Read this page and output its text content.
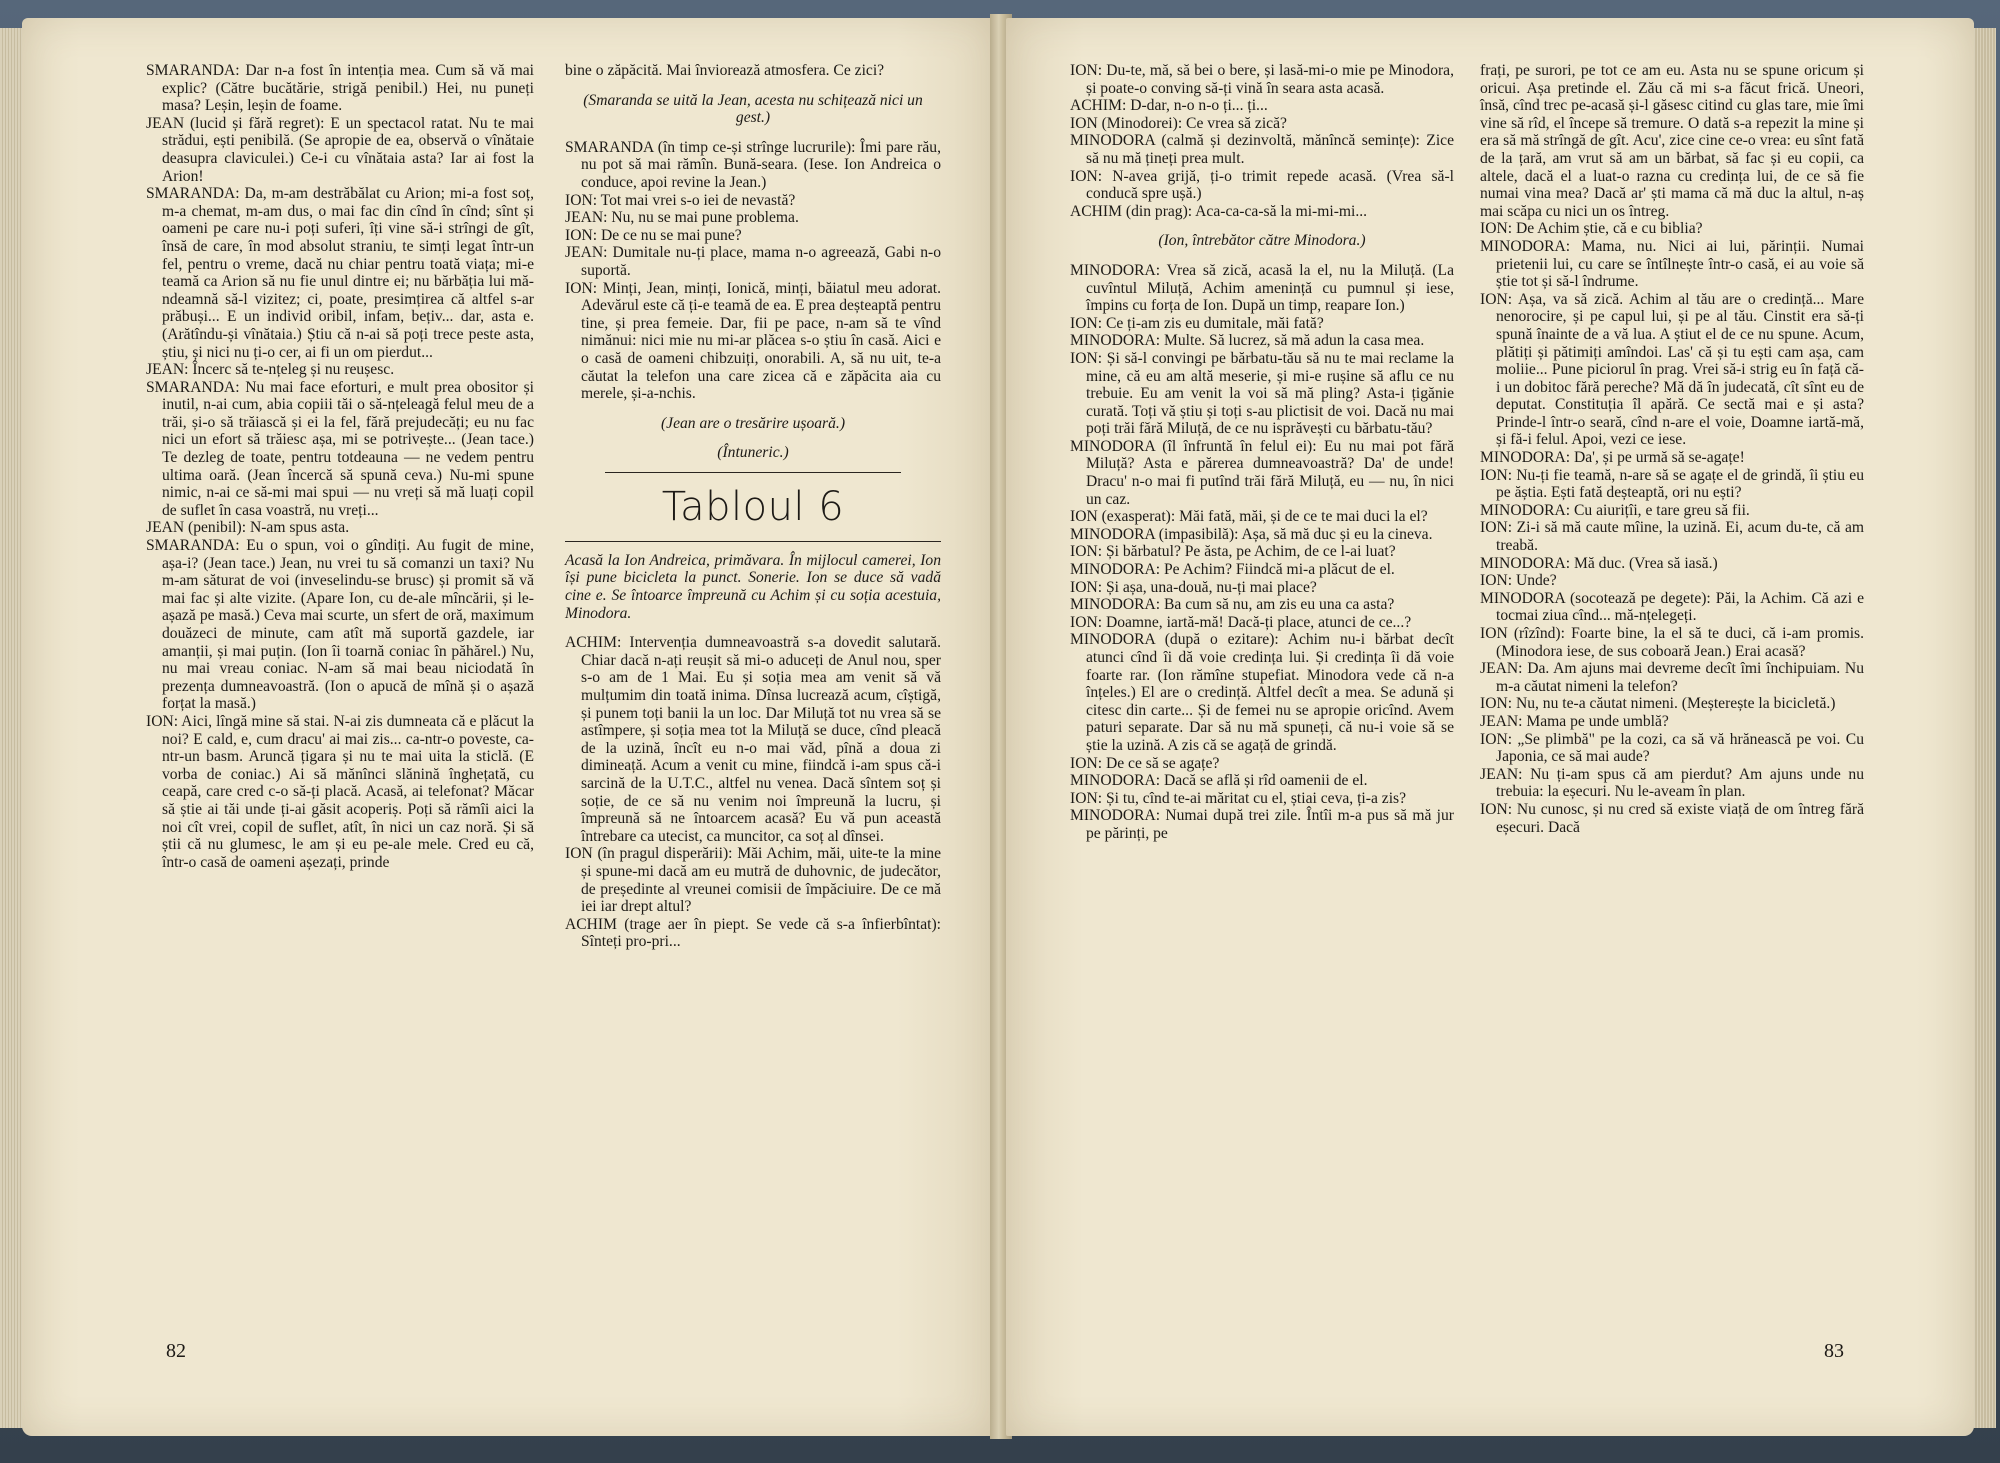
SMARANDA: Dar n-a fost în intenția mea. Cum să vă mai explic? (Către bucătărie, strigă penibil.) Hei, nu puneți masa? Leșin, leșin de foame.

JEAN (lucid și fără regret): E un spectacol ratat. Nu te mai strădui, ești penibilă. (Se apropie de ea, observă o vînătaie deasupra claviculei.) Ce-i cu vînătaia asta? Iar ai fost la Arion!

SMARANDA: Da, m-am destrăbălat cu Arion; mi-a fost soț, m-a chemat, m-am dus, o mai fac din cînd în cînd; sînt și oameni pe care nu-i poți suferi, îți vine să-i strîngi de gît, însă de care, în mod absolut straniu, te simți legat într-un fel, pentru o vreme, dacă nu chiar pentru toată viața; mi-e teamă ca Arion să nu fie unul dintre ei; nu bărbăția lui mă-ndeamnă să-l vizitez; ci, poate, presimțirea că altfel s-ar prăbuși... E un individ oribil, infam, bețiv... dar, asta e. (Arătîndu-și vînătaia.) Știu că n-ai să poți trece peste asta, știu, și nici nu ți-o cer, ai fi un om pierdut...

JEAN: Încerc să te-nțeleg și nu reușesc.

SMARANDA: Nu mai face eforturi, e mult prea obositor și inutil, n-ai cum, abia copiii tăi o să-nțeleagă felul meu de a trăi, și-o să trăiască și ei la fel, fără prejudecăți; eu nu fac nici un efort să trăiesc așa, mi se potrivește... (Jean tace.) Te dezleg de toate, pentru totdeauna — ne vedem pentru ultima oară. (Jean încercă să spună ceva.) Nu-mi spune nimic, n-ai ce să-mi mai spui — nu vreți să mă luați copil de suflet în casa voastră, nu vreți...

JEAN (penibil): N-am spus asta.

SMARANDA: Eu o spun, voi o gîndiți. Au fugit de mine, așa-i? (Jean tace.) Jean, nu vrei tu să comanzi un taxi? Nu m-am săturat de voi (inveselindu-se brusc) și promit să vă mai fac și alte vizite. (Apare Ion, cu de-ale mîncării, și le-așază pe masă.) Ceva mai scurte, un sfert de oră, maximum douăzeci de minute, cam atît mă suportă gazdele, iar amanții, și mai puțin. (Ion îi toarnă coniac în păhărel.) Nu, nu mai vreau coniac. N-am să mai beau niciodată în prezența dumneavoastră. (Ion o apucă de mînă și o așază forțat la masă.)

ION: Aici, lîngă mine să stai. N-ai zis dumneata că e plăcut la noi? E cald, e, cum dracu' ai mai zis... ca-ntr-o poveste, ca-ntr-un basm. Aruncă țigara și nu te mai uita la sticlă. (E vorba de coniac.) Ai să mănînci slănină înghețată, cu ceapă, care cred c-o să-ți placă. Acasă, ai telefonat? Măcar să știe ai tăi unde ți-ai găsit acoperiș. Poți să rămîi aici la noi cît vrei, copil de suflet, atît, în nici un caz noră. Și să știi că nu glumesc, le am și eu pe-ale mele. Cred eu că, într-o casă de oameni așezați, prinde

bine o zăpăcită. Mai înviorează atmosfera. Ce zici?

(Smaranda se uită la Jean, acesta nu schițează nici un gest.)

SMARANDA (în timp ce-și strînge lucrurile): Îmi pare rău, nu pot să mai rămîn. Bună-seara. (Iese. Ion Andreica o conduce, apoi revine la Jean.)

ION: Tot mai vrei s-o iei de nevastă?

JEAN: Nu, nu se mai pune problema.

ION: De ce nu se mai pune?

JEAN: Dumitale nu-ți place, mama n-o agreează, Gabi n-o suportă.

ION: Minți, Jean, minți, Ionică, minți, băiatul meu adorat. Adevărul este că ți-e teamă de ea. E prea deșteaptă pentru tine, și prea femeie. Dar, fii pe pace, n-am să te vînd nimănui: nici mie nu mi-ar plăcea s-o știu în casă. Aici e o casă de oameni chibzuiți, onorabili. A, să nu uit, te-a căutat la telefon una care zicea că e zăpăcita aia cu merele, și-a-nchis.

(Jean are o tresărire ușoară.)

(Întuneric.)

Tabloul 6

Acasă la Ion Andreica, primăvara. În mijlocul camerei, Ion își pune bicicleta la punct. Sonerie. Ion se duce să vadă cine e. Se întoarce împreună cu Achim și cu soția acestuia, Minodora.

ACHIM: Intervenția dumneavoastră s-a dovedit salutară. Chiar dacă n-ați reușit să mi-o aduceți de Anul nou, sper s-o am de 1 Mai. Eu și soția mea am venit să vă mulțumim din toată inima. Dînsa lucrează acum, cîștigă, și punem toți banii la un loc. Dar Miluță tot nu vrea să se astîmpere, și soția mea tot la Miluță se duce, cînd pleacă de la uzină, încît eu n-o mai văd, pînă a doua zi dimineață. Acum a venit cu mine, fiindcă i-am spus că-i sarcină de la U.T.C., altfel nu venea. Dacă sîntem soț și soție, de ce să nu venim noi împreună la lucru, și împreună să ne întoarcem acasă? Eu vă pun această întrebare ca utecist, ca muncitor, ca soț al dînsei.

ION (în pragul disperării): Măi Achim, măi, uite-te la mine și spune-mi dacă am eu mutră de duhovnic, de judecător, de președinte al vreunei comisii de împăciuire. De ce mă iei iar drept altul?

ACHIM (trage aer în piept. Se vede că s-a înfierbîntat): Sînteți pro-pri...

82

ION: Du-te, mă, să bei o bere, și lasă-mi-o mie pe Minodora, și poate-o conving să-ți vină în seara asta acasă.

ACHIM: D-dar, n-o n-o ți... ți...

ION (Minodorei): Ce vrea să zică?

MINODORA (calmă și dezinvoltă, mănîncă semințe): Zice să nu mă țineți prea mult.

ION: N-avea grijă, ți-o trimit repede acasă. (Vrea să-l conducă spre ușă.)

ACHIM (din prag): Aca-ca-ca-să la mi-mi-mi...

(Ion, întrebător către Minodora.)

MINODORA: Vrea să zică, acasă la el, nu la Miluță. (La cuvîntul Miluță, Achim amenință cu pumnul și iese, împins cu forța de Ion. După un timp, reapare Ion.)

ION: Ce ți-am zis eu dumitale, măi fată?

MINODORA: Multe. Să lucrez, să mă adun la casa mea.

ION: Și să-l convingi pe bărbatu-tău să nu te mai reclame la mine, că eu am altă meserie, și mi-e rușine să aflu ce nu trebuie. Eu am venit la voi să mă pling? Asta-i țigănie curată. Toți vă știu și toți s-au plictisit de voi. Dacă nu mai poți trăi fără Miluță, de ce nu isprăvești cu bărbatu-tău?

MINODORA (îl înfruntă în felul ei): Eu nu mai pot fără Miluță? Asta e părerea dumneavoastră? Da' de unde! Dracu' n-o mai fi putînd trăi fără Miluță, eu — nu, în nici un caz.

ION (exasperat): Măi fată, măi, și de ce te mai duci la el?

MINODORA (impasibilă): Așa, să mă duc și eu la cineva.

ION: Și bărbatul? Pe ăsta, pe Achim, de ce l-ai luat?

MINODORA: Pe Achim? Fiindcă mi-a plăcut de el.

ION: Și așa, una-două, nu-ți mai place?

MINODORA: Ba cum să nu, am zis eu una ca asta?

ION: Doamne, iartă-mă! Dacă-ți place, atunci de ce...?

MINODORA (după o ezitare): Achim nu-i bărbat decît atunci cînd îi dă voie credința lui. Și credința îi dă voie foarte rar. (Ion rămîne stupefiat. Minodora vede că n-a înțeles.) El are o credință. Altfel decît a mea. Se adună și citesc din carte... Și de femei nu se apropie oricînd. Avem paturi separate. Dar să nu mă spuneți, că nu-i voie să se știe la uzină. A zis că se agață de grindă.

ION: De ce să se agațe?

MINODORA: Dacă se află și rîd oamenii de el.

ION: Și tu, cînd te-ai măritat cu el, știai ceva, ți-a zis?

MINODORA: Numai după trei zile. Întîi m-a pus să mă jur pe părinți, pe

frați, pe surori, pe tot ce am eu. Asta nu se spune oricum și oricui. Așa pretinde el. Zău că mi s-a făcut frică. Uneori, însă, cînd trec pe-acasă și-l găsesc citind cu glas tare, mie îmi vine să rîd, el începe să tremure. O dată s-a repezit la mine și era să mă strîngă de gît. Acu', zice cine ce-o vrea: eu sînt fată de la țară, am vrut să am un bărbat, să fac și eu copii, ca altele, dacă el a luat-o razna cu credința lui, de ce să fie numai vina mea? Dacă ar' ști mama că mă duc la altul, n-aș mai scăpa cu nici un os întreg.

ION: De Achim știe, că e cu biblia?

MINODORA: Mama, nu. Nici ai lui, părinții. Numai prietenii lui, cu care se întîlnește într-o casă, ei au voie să știe tot și să-l îndrume.

ION: Așa, va să zică. Achim al tău are o credință... Mare nenorocire, și pe capul lui, și pe al tău. Cinstit era să-ți spună înainte de a vă lua. A știut el de ce nu spune. Acum, plătiți și pătimiți amîndoi. Las' că și tu ești cam așa, cam moliie... Pune piciorul în prag. Vrei să-i strig eu în față că-i un dobitoc fără pereche? Mă dă în judecată, cît sînt eu de deputat. Constituția îl apără. Ce sectă mai e și asta? Prinde-l într-o seară, cînd n-are el voie, Doamne iartă-mă, și fă-i felul. Apoi, vezi ce iese.

MINODORA: Da', și pe urmă să se-agațe!

ION: Nu-ți fie teamă, n-are să se agațe el de grindă, îi știu eu pe ăștia. Ești fată deșteaptă, ori nu ești?

MINODORA: Cu aiurițîi, e tare greu să fii.

ION: Zi-i să mă caute mîine, la uzină. Ei, acum du-te, că am treabă.

MINODORA: Mă duc. (Vrea să iasă.)

ION: Unde?

MINODORA (socotează pe degete): Păi, la Achim. Că azi e tocmai ziua cînd... mă-nțelegeți.

ION (rîzînd): Foarte bine, la el să te duci, că i-am promis. (Minodora iese, de sus coboară Jean.) Erai acasă?

JEAN: Da. Am ajuns mai devreme decît îmi închipuiam. Nu m-a căutat nimeni la telefon?

ION: Nu, nu te-a căutat nimeni. (Meșterește la bicicletă.)

JEAN: Mama pe unde umblă?

ION: „Se plimbă" pe la cozi, ca să vă hrănească pe voi. Cu Japonia, ce să mai aude?

JEAN: Nu ți-am spus că am pierdut? Am ajuns unde nu trebuia: la eșecuri. Nu le-aveam în plan.

ION: Nu cunosc, și nu cred să existe viață de om întreg fără eșecuri. Dacă

83
